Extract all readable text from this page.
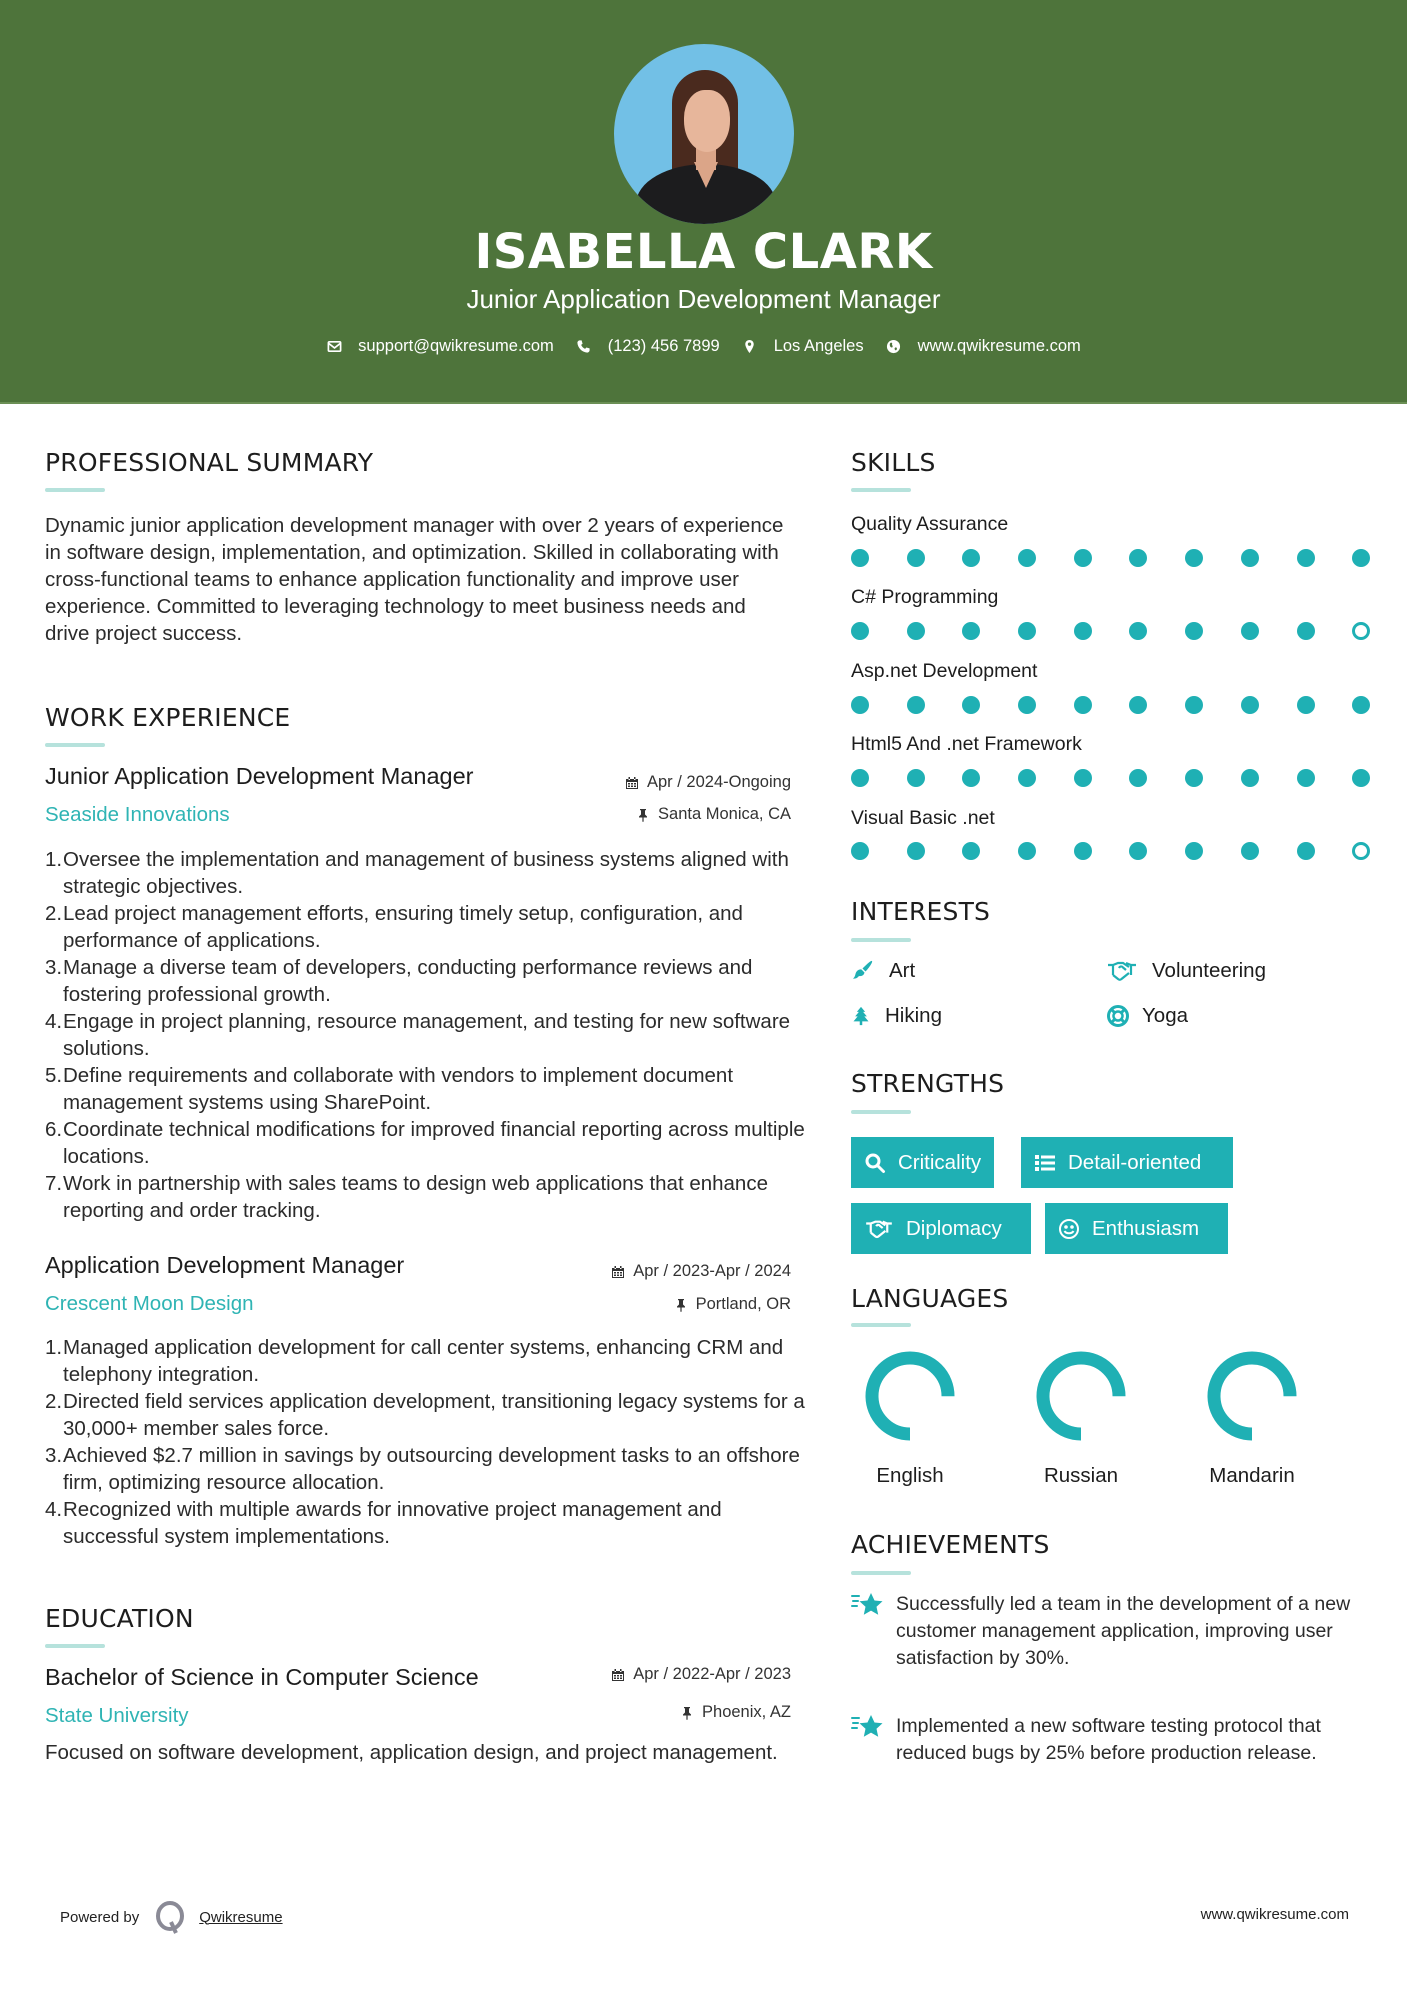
ISABELLA CLARK
Junior Application Development Manager
support@qwikresume.com	(123) 456 7899	Los Angeles	www.qwikresume.com
PROFESSIONAL SUMMARY
Dynamic junior application development manager with over 2 years of experience in software design, implementation, and optimization. Skilled in collaborating with cross-functional teams to enhance application functionality and improve user experience. Committed to leveraging technology to meet business needs and drive project success.
WORK EXPERIENCE
Junior Application Development Manager	Apr / 2024-Ongoing
Seaside Innovations	Santa Monica, CA
Oversee the implementation and management of business systems aligned with strategic objectives.
Lead project management efforts, ensuring timely setup, configuration, and performance of applications.
Manage a diverse team of developers, conducting performance reviews and fostering professional growth.
Engage in project planning, resource management, and testing for new software solutions.
Define requirements and collaborate with vendors to implement document management systems using SharePoint.
Coordinate technical modifications for improved financial reporting across multiple locations.
Work in partnership with sales teams to design web applications that enhance reporting and order tracking.
Application Development Manager	Apr / 2023-Apr / 2024
Crescent Moon Design	Portland, OR
Managed application development for call center systems, enhancing CRM and telephony integration.
Directed field services application development, transitioning legacy systems for a 30,000+ member sales force.
Achieved $2.7 million in savings by outsourcing development tasks to an offshore firm, optimizing resource allocation.
Recognized with multiple awards for innovative project management and successful system implementations.
EDUCATION
Bachelor of Science in Computer Science	Apr / 2022-Apr / 2023
State University	Phoenix, AZ
Focused on software development, application design, and project management.
SKILLS
Quality Assurance
C# Programming
Asp.net Development
Html5 And .net Framework
Visual Basic .net
INTERESTS
Art	Volunteering
Hiking	Yoga
STRENGTHS
Criticality	Detail-oriented
Diplomacy	Enthusiasm
LANGUAGES
English	Russian	Mandarin
ACHIEVEMENTS
Successfully led a team in the development of a new customer management application, improving user satisfaction by 30%.
Implemented a new software testing protocol that reduced bugs by 25% before production release.
Powered by	Qwikresume	www.qwikresume.com
